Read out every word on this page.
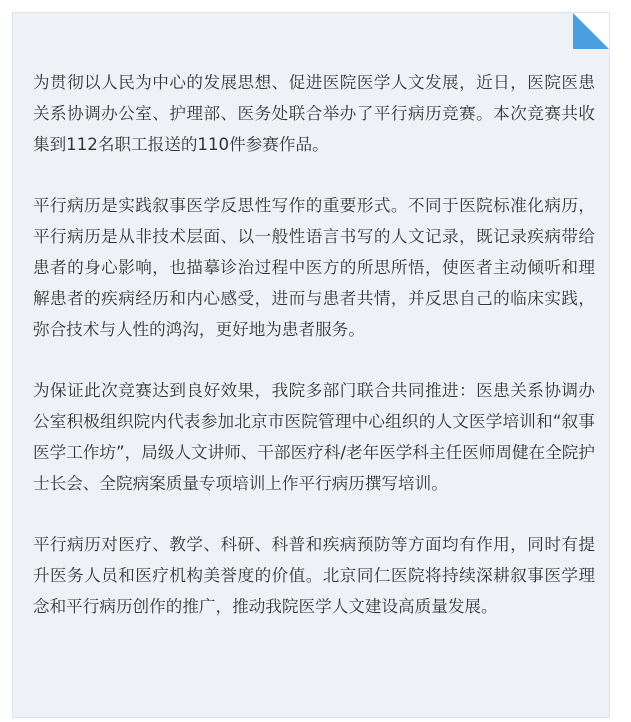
为贯彻以人民为中心的发展思想、促进医院医学人文发展，近日，医院医患关系协调办公室、护理部、医务处联合举办了平行病历竞赛。本次竞赛共收集到112名职工报送的110件参赛作品。

平行病历是实践叙事医学反思性写作的重要形式。不同于医院标准化病历，平行病历是从非技术层面、以一般性语言书写的人文记录，既记录疾病带给患者的身心影响，也描摹诊治过程中医方的所思所悟，使医者主动倾听和理解患者的疾病经历和内心感受，进而与患者共情，并反思自己的临床实践，弥合技术与人性的鸿沟，更好地为患者服务。

为保证此次竞赛达到良好效果，我院多部门联合共同推进：医患关系协调办公室积极组织院内代表参加北京市医院管理中心组织的人文医学培训和“叙事医学工作坊”，局级人文讲师、干部医疗科/老年医学科主任医师周健在全院护士长会、全院病案质量专项培训上作平行病历撰写培训。

平行病历对医疗、教学、科研、科普和疾病预防等方面均有作用，同时有提升医务人员和医疗机构美誉度的价值。北京同仁医院将持续深耕叙事医学理念和平行病历创作的推广，推动我院医学人文建设高质量发展。
